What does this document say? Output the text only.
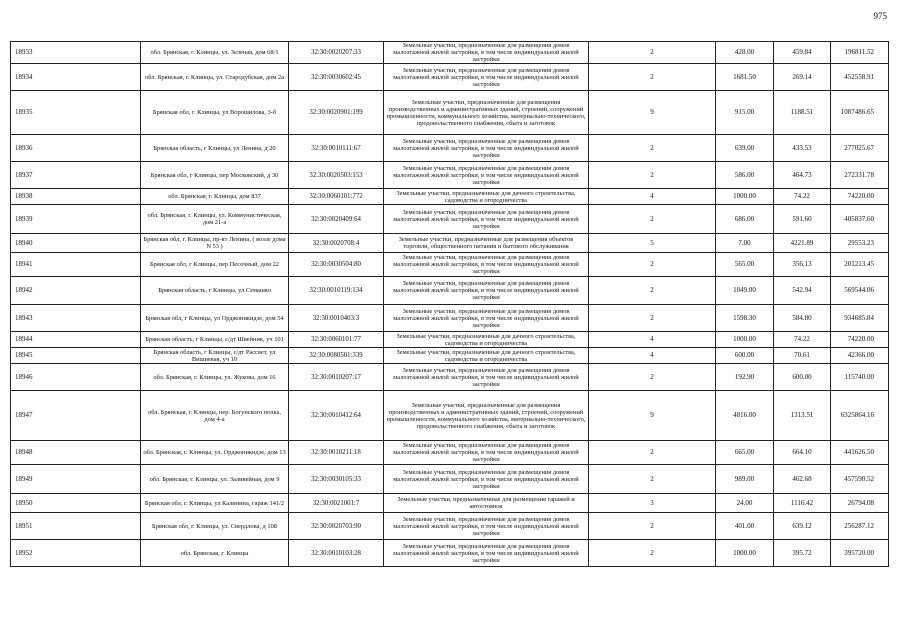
975
18933	обл. Брянская, г. Клинцы, ул. Зеленая, дом 68/1	32:30:0020207:33	Земельные участки, предназначенные для размещения домов малоэтажной жилой застройки, в том числе индивидуальной жилой застройки	2	428.00	459.84	196811.52
18934	обл. Брянская, г. Клинцы, ул. Стародубская, дом 2а	32:30:0030602:45	Земельные участки, предназначенные для размещения домов малоэтажной жилой застройки, в том числе индивидуальной жилой застройки	2	1681.50	269.14	452558.91
18935	Брянская обл, г. Клинцы, ул Ворошилова, 3-б	32:30:0020901:199	Земельные участки, предназначенные для размещения производственных и административных зданий, строений, сооружений промышленности, коммунального хозяйства, материально-технического, продовольственного снабжения, сбыта и заготовок	9	915.00	1188.51	1087486.65
18936	Брянская область, г Клинцы, ул Ленина, д 20	32:30:0010111:67	Земельные участки, предназначенные для размещения домов малоэтажной жилой застройки, в том числе индивидуальной жилой застройки	2	639.00	433.53	277025.67
18937	Брянская обл, г Клинцы, пер Московский, д 30	32:30:0020503:153	Земельные участки, предназначенные для размещения домов малоэтажной жилой застройки, в том числе индивидуальной жилой застройки	2	586.00	464.73	272331.78
18938	обл. Брянская, г. Клинцы, дом 837	32:30:0060101:772	Земельные участки, предназначенные для дачного строительства, садоводства и огородничества	4	1000.00	74.22	74220.00
18939	обл. Брянская, г. Клинцы, ул. Коммунистическая, дом 21-а	32:30:0020409:64	Земельные участки, предназначенные для размещения домов малоэтажной жилой застройки, в том числе индивидуальной жилой застройки	2	686.00	591.60	405837.60
18940	Брянская обл, г. Клинцы, пр-кт Ленина, ( возле дома N 53 )	32:30:0020708:4	Земельные участки, предназначенные для размещения объектов торговли, общественного питания и бытового обслуживания	5	7.00	4221.89	29553.23
18941	Брянская обл, г Клинцы, пер Песочный, дом 22	32:30:0030504:80	Земельные участки, предназначенные для размещения домов малоэтажной жилой застройки, в том числе индивидуальной жилой застройки	2	565.00	356.13	201213.45
18942	Брянская область, г Клинцы, ул Семашко	32:30:0010119:134	Земельные участки, предназначенные для размещения домов малоэтажной жилой застройки, в том числе индивидуальной жилой застройки	2	1049.00	542.94	569544.06
18943	Брянская обл, г Клинцы, ул Орджоникидзе, дом 54	32:30:0010403:3	Земельные участки, предназначенные для размещения домов малоэтажной жилой застройки, в том числе индивидуальной жилой застройки	2	1598.30	584.80	934685.84
18944	Брянская область, г Клинцы, с/дт Швейник, уч 101	32:30:0060101:77	Земельные участки, предназначенные для дачного строительства, садоводства и огородничества	4	1000.00	74.22	74220.00
18945	Брянская область, г Клинцы, с/дт Рассвет, ул Вишневая, уч 10	32:30:0080501:339	Земельные участки, предназначенные для дачного строительства, садоводства и огородничества	4	600.00	70.61	42366.00
18946	обл. Брянская, г. Клинцы, ул. Жукова, дом 16	32:30:0010207:17	Земельные участки, предназначенные для размещения домов малоэтажной жилой застройки, в том числе индивидуальной жилой застройки	2	192.90	600.00	115740.00
18947	обл. Брянская, г. Клинцы, пер. Богунского полка, дом 4-а	32:30:0010412:64	Земельные участки, предназначенные для размещения производственных и административных зданий, строений, сооружений промышленности, коммунального хозяйства, материально-технического, продовольственного снабжения, сбыта и заготовок	9	4816.00	1313.51	6325864.16
18948	обл. Брянская, г. Клинцы, ул. Орджоникидзе, дом 13	32:30:0010211:18	Земельные участки, предназначенные для размещения домов малоэтажной жилой застройки, в том числе индивидуальной жилой застройки	2	665.00	664.10	441626.50
18949	обл. Брянская, г. Клинцы, ул. Заливейная, дом 9	32:30:0030105:33	Земельные участки, предназначенные для размещения домов малоэтажной жилой застройки, в том числе индивидуальной жилой застройки	2	989.00	462.68	457590.52
18950	Брянская обл, г. Клинцы, ул Калинина, гараж 141/2	32:30:0021001:7	Земельные участки, предназначенные для размещения гаражей и автостоянок	3	24.00	1116.42	26794.08
18951	Брянская обл, г. Клинцы, ул. Свердлова, д 108	32:30:0020703:90	Земельные участки, предназначенные для размещения домов малоэтажной жилой застройки, в том числе индивидуальной жилой застройки	2	401.00	639.12	256287.12
18952	обл. Брянская, г. Клинцы	32:30:0010103:28	Земельные участки, предназначенные для размещения домов малоэтажной жилой застройки, в том числе индивидуальной жилой застройки	2	1000.00	395.72	395720.00
